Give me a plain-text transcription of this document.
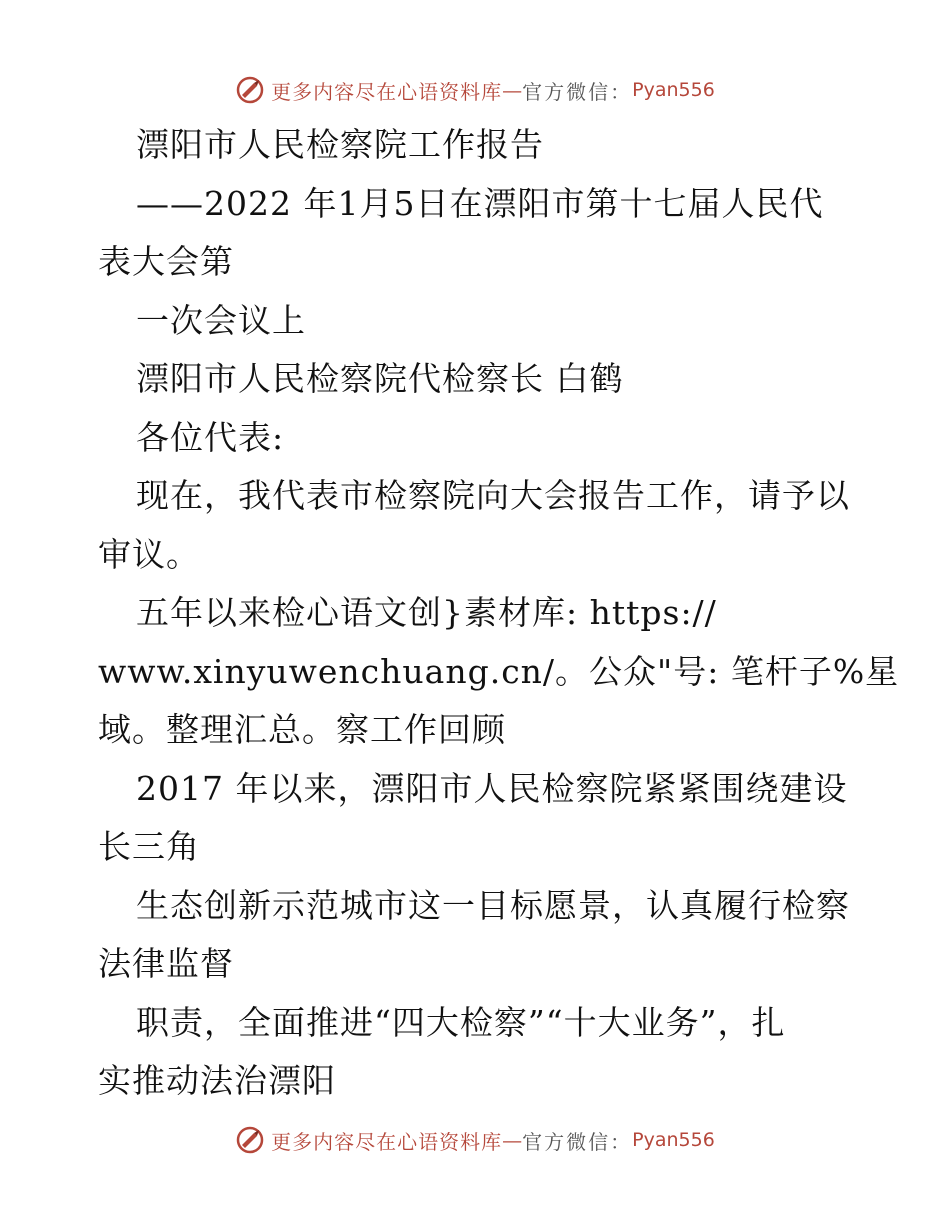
更多内容尽在心语资料库 — 官方微信： Pyan556
漂阳市人民检察院工作报告
——2022 年1月5日在漂阳市第十七届人民代
表大会第
一次会议上
漂阳市人民检察院代检察长 白鹤
各位代表:
现在，我代表市检察院向大会报告工作，请予以
审议。
五年以来检心语文创}素材库: https://
www.xinyuwenchuang.cn/。公众"号: 笔杆子%星
域。整理汇总。察工作回顾
2017 年以来，漂阳市人民检察院紧紧围绕建设
长三角
生态创新示范城市这一目标愿景，认真履行检察
法律监督
职责，全面推进“四大检察”“十大业务”，扎
实推动法治漂阳
更多内容尽在心语资料库 — 官方微信： Pyan556
